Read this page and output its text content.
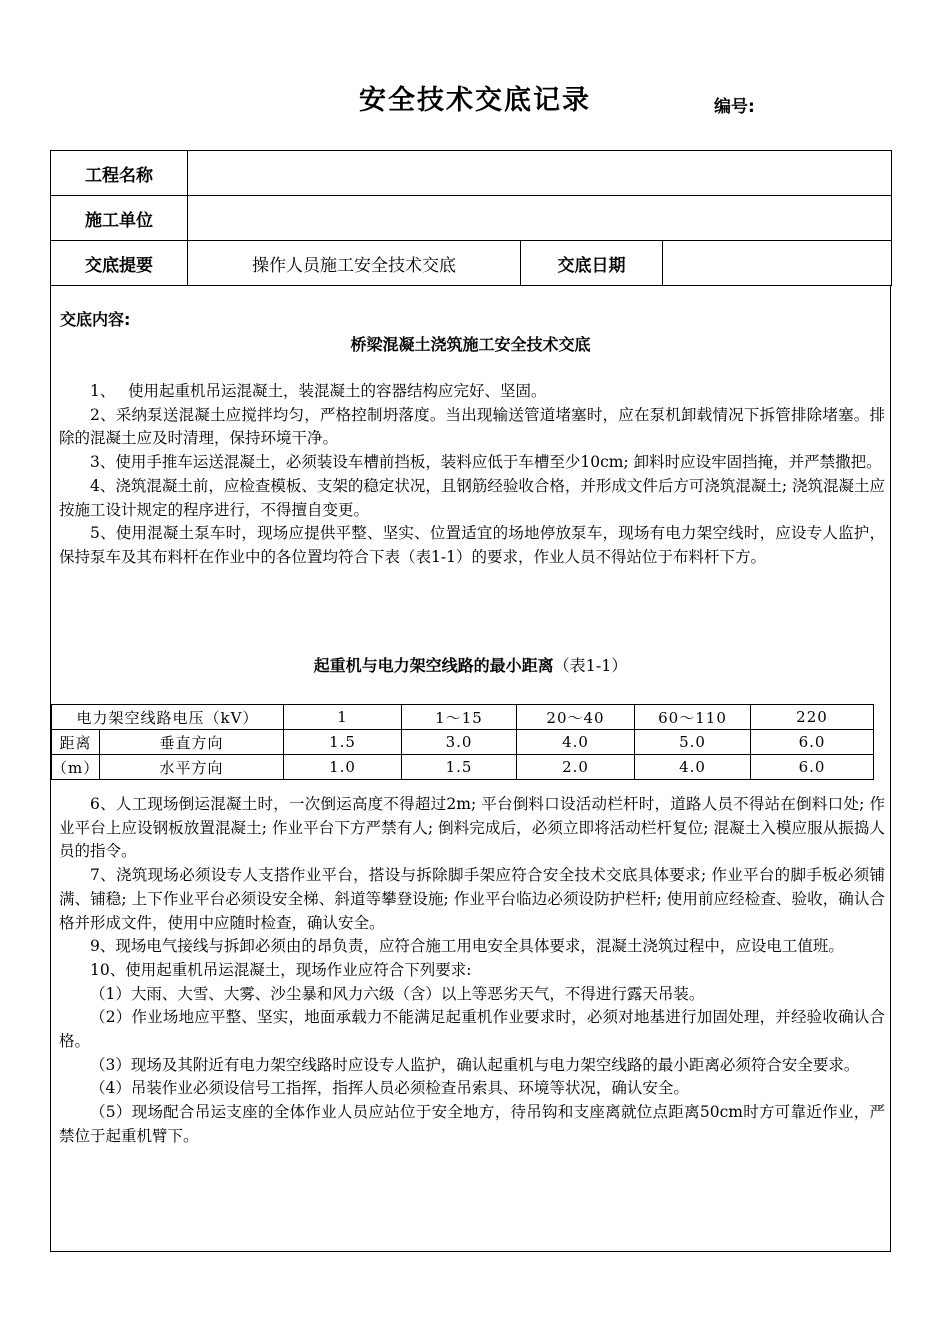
安全技术交底记录	编号:
工程名称			
施工单位			
交底提要	操作人员施工安全技术交底	交底日期	
交底内容:
桥梁混凝土浇筑施工安全技术交底

1、　 使用起重机吊运混凝土，装混凝土的容器结构应完好、坚固。

2、采纳泵送混凝土应搅拌均匀，严格控制坍落度。当出现输送管道堵塞时，应在泵机卸载情况下拆管排除堵塞。排除的混凝土应及时清理，保持环境干净。

3、使用手推车运送混凝土，必须装设车槽前挡板，装料应低于车槽至少10cm; 卸料时应设牢固挡掩，并严禁撒把。

4、浇筑混凝土前，应检查模板、支架的稳定状况，且钢筋经验收合格，并形成文件后方可浇筑混凝土; 浇筑混凝土应按施工设计规定的程序进行，不得擅自变更。

5、使用混凝土泵车时，现场应提供平整、坚实、位置适宜的场地停放泵车，现场有电力架空线时，应设专人监护，保持泵车及其布料杆在作业中的各位置均符合下表（表1-1）的要求，作业人员不得站位于布料杆下方。

起重机与电力架空线路的最小距离（表1-1）
电力架空线路电压（kV）		1	1～15	20～40	60～110	220
距离	垂直方向	1.5	3.0	4.0	5.0	6.0
（m）	水平方向	1.0	1.5	2.0	4.0	6.0

6、人工现场倒运混凝土时，一次倒运高度不得超过2m; 平台倒料口设活动栏杆时，道路人员不得站在倒料口处; 作业平台上应设钢板放置混凝土; 作业平台下方严禁有人; 倒料完成后，必须立即将活动栏杆复位; 混凝土入模应服从振捣人员的指令。

7、浇筑现场必须设专人支搭作业平台，搭设与拆除脚手架应符合安全技术交底具体要求; 作业平台的脚手板必须铺满、铺稳; 上下作业平台必须设安全梯、斜道等攀登设施; 作业平台临边必须设防护栏杆; 使用前应经检查、验收，确认合格并形成文件，使用中应随时检查，确认安全。

9、现场电气接线与拆卸必须由的昂负责，应符合施工用电安全具体要求，混凝土浇筑过程中，应设电工值班。

10、使用起重机吊运混凝土，现场作业应符合下列要求:

（1）大雨、大雪、大雾、沙尘暴和风力六级（含）以上等恶劣天气，不得进行露天吊装。

（2）作业场地应平整、坚实，地面承载力不能满足起重机作业要求时，必须对地基进行加固处理，并经验收确认合格。

（3）现场及其附近有电力架空线路时应设专人监护，确认起重机与电力架空线路的最小距离必须符合安全要求。

（4）吊装作业必须设信号工指挥，指挥人员必须检查吊索具、环境等状况，确认安全。

（5）现场配合吊运支座的全体作业人员应站位于安全地方，待吊钩和支座离就位点距离50cm时方可靠近作业，严禁位于起重机臂下。
